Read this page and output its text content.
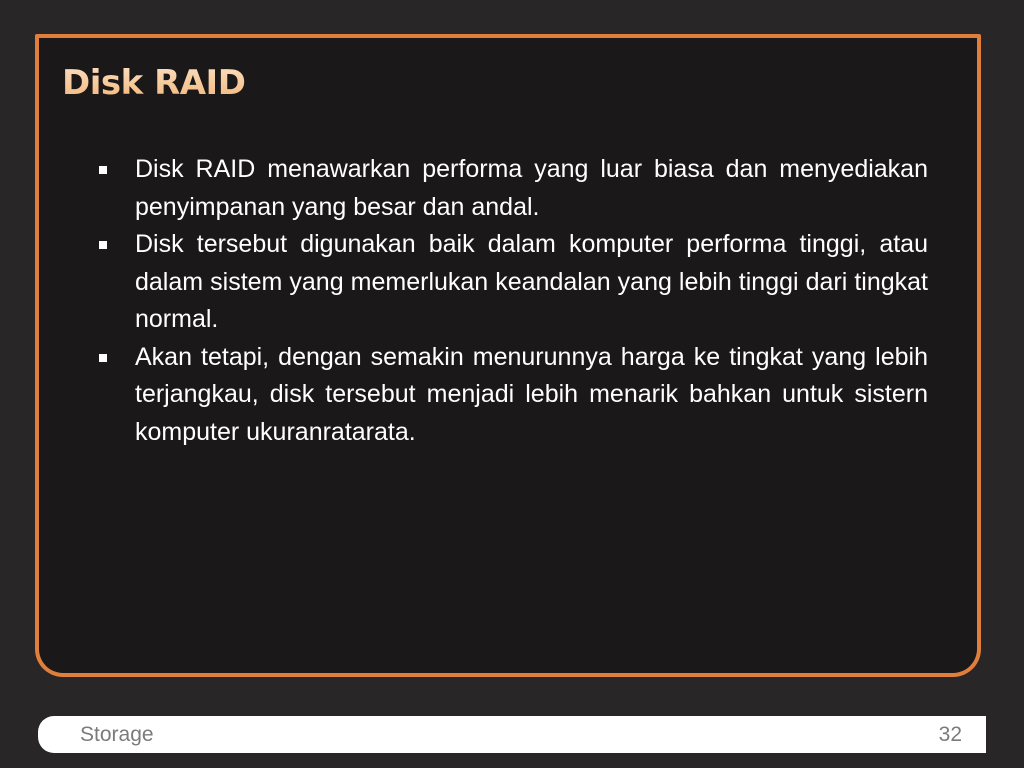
Disk RAID
Disk RAID menawarkan performa yang luar biasa dan menyediakan penyimpanan yang besar dan andal.
Disk tersebut digunakan baik dalam komputer performa tinggi, atau dalam sistem yang memerlukan keandalan yang lebih tinggi dari tingkat normal.
Akan tetapi, dengan semakin menurunnya harga ke tingkat yang lebih terjangkau, disk tersebut menjadi lebih menarik bahkan untuk sistern komputer ukuranratarata.
Storage	32
